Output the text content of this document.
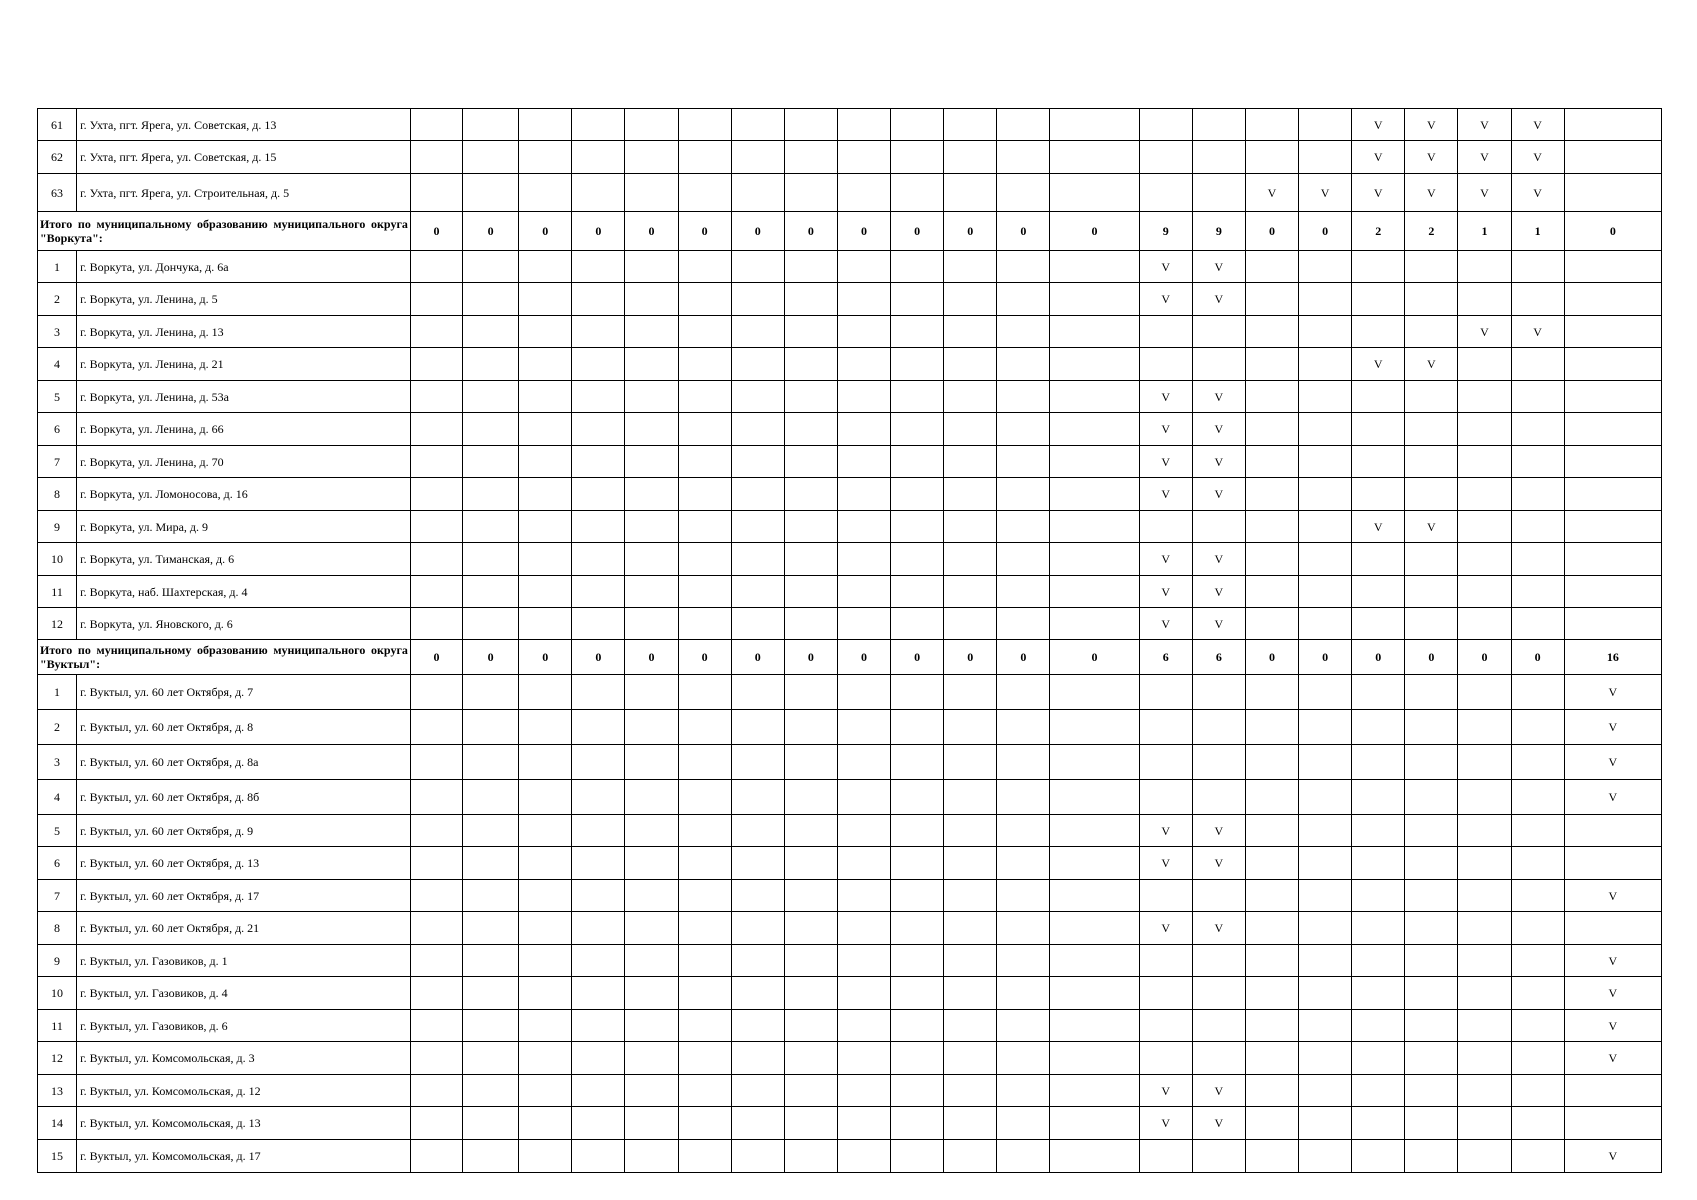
61	г. Ухта, пгт. Ярега, ул. Советская, д. 13																		V	V	V	V	
62	г. Ухта, пгт. Ярега, ул. Советская, д. 15																		V	V	V	V	
63	г. Ухта, пгт. Ярега, ул. Строительная, д. 5																V	V	V	V	V	V	
Итого по муниципальному образованию муниципального округа "Воркута":		0	0	0	0	0	0	0	0	0	0	0	0	0	9	9	0	0	2	2	1	1	0
1	г. Воркута, ул. Дончука, д. 6а														V	V							
2	г. Воркута, ул. Ленина, д. 5														V	V							
3	г. Воркута, ул. Ленина, д. 13																				V	V	
4	г. Воркута, ул. Ленина, д. 21																		V	V			
5	г. Воркута, ул. Ленина, д. 53а														V	V							
6	г. Воркута, ул. Ленина, д. 66														V	V							
7	г. Воркута, ул. Ленина, д. 70														V	V							
8	г. Воркута, ул. Ломоносова, д. 16														V	V							
9	г. Воркута, ул. Мира, д. 9																		V	V			
10	г. Воркута, ул. Тиманская, д. 6														V	V							
11	г. Воркута, наб. Шахтерская, д. 4														V	V							
12	г. Воркута, ул. Яновского, д. 6														V	V							
Итого по муниципальному образованию муниципального округа "Вуктыл":		0	0	0	0	0	0	0	0	0	0	0	0	0	6	6	0	0	0	0	0	0	16
1	г. Вуктыл, ул. 60 лет Октября, д. 7																						V
2	г. Вуктыл, ул. 60 лет Октября, д. 8																						V
3	г. Вуктыл, ул. 60 лет Октября, д. 8а																						V
4	г. Вуктыл, ул. 60 лет Октября, д. 8б																						V
5	г. Вуктыл, ул. 60 лет Октября, д. 9														V	V							
6	г. Вуктыл, ул. 60 лет Октября, д. 13														V	V							
7	г. Вуктыл, ул. 60 лет Октября, д. 17																						V
8	г. Вуктыл, ул. 60 лет Октября, д. 21														V	V							
9	г. Вуктыл, ул. Газовиков, д. 1																						V
10	г. Вуктыл, ул. Газовиков, д. 4																						V
11	г. Вуктыл, ул. Газовиков, д. 6																						V
12	г. Вуктыл, ул. Комсомольская, д. 3																						V
13	г. Вуктыл, ул. Комсомольская, д. 12														V	V							
14	г. Вуктыл, ул. Комсомольская, д. 13														V	V							
15	г. Вуктыл, ул. Комсомольская, д. 17																						V
